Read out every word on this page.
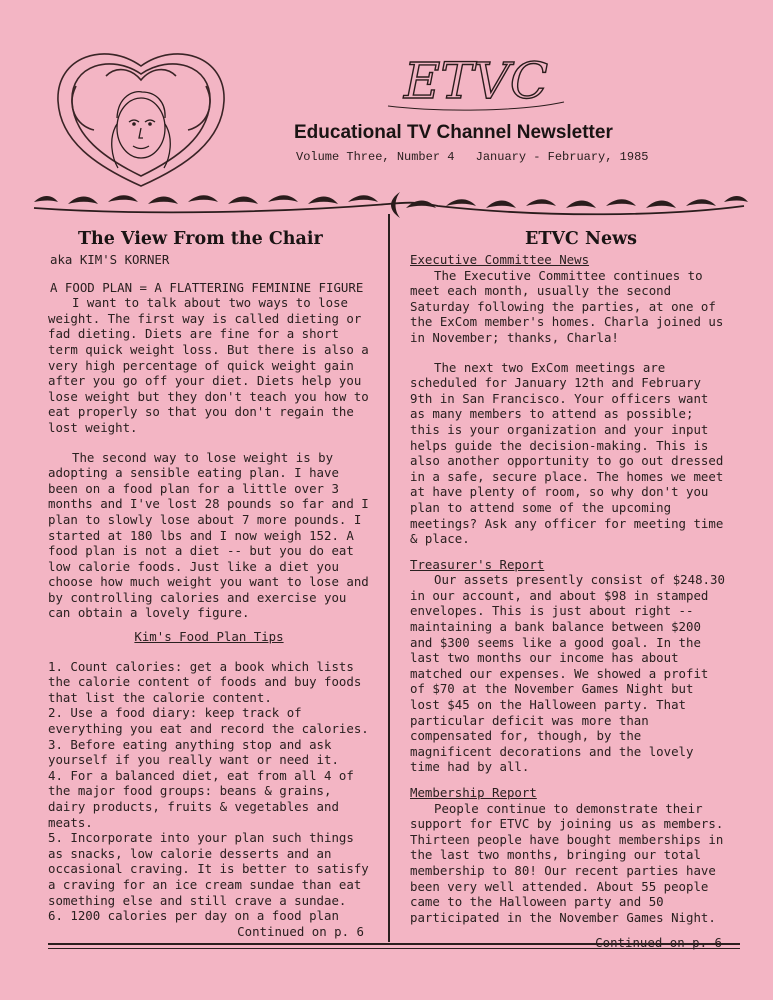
ETVC
Educational TV Channel Newsletter
Volume Three, Number 4 January - February, 1985
The View From the Chair

aka KIM'S KORNER

A FOOD PLAN = A FLATTERING FEMININE FIGURE

I want to talk about two ways to lose weight. The first way is called dieting or fad dieting. Diets are fine for a short term quick weight loss. But there is also a very high percentage of quick weight gain after you go off your diet. Diets help you lose weight but they don't teach you how to eat properly so that you don't regain the lost weight.

The second way to lose weight is by adopting a sensible eating plan. I have been on a food plan for a little over 3 months and I've lost 28 pounds so far and I plan to slowly lose about 7 more pounds. I started at 180 lbs and I now weigh 152. A food plan is not a diet -- but you do eat low calorie foods. Just like a diet you choose how much weight you want to lose and by controlling calories and exercise you can obtain a lovely figure.

Kim's Food Plan Tips

1. Count calories: get a book which lists the calorie content of foods and buy foods that list the calorie content.
2. Use a food diary: keep track of everything you eat and record the calories.
3. Before eating anything stop and ask yourself if you really want or need it.
4. For a balanced diet, eat from all 4 of the major food groups: beans & grains, dairy products, fruits & vegetables and meats.
5. Incorporate into your plan such things as snacks, low calorie desserts and an occasional craving. It is better to satisfy a craving for an ice cream sundae than eat something else and still crave a sundae.
6. 1200 calories per day on a food plan

Continued on p. 6

ETVC News

Executive Committee News

The Executive Committee continues to meet each month, usually the second Saturday following the parties, at one of the ExCom member's homes. Charla joined us in November; thanks, Charla!

The next two ExCom meetings are scheduled for January 12th and February 9th in San Francisco. Your officers want as many members to attend as possible; this is your organization and your input helps guide the decision-making. This is also another opportunity to go out dressed in a safe, secure place. The homes we meet at have plenty of room, so why don't you plan to attend some of the upcoming meetings? Ask any officer for meeting time & place.

Treasurer's Report

Our assets presently consist of $248.30 in our account, and about $98 in stamped envelopes. This is just about right -- maintaining a bank balance between $200 and $300 seems like a good goal. In the last two months our income has about matched our expenses. We showed a profit of $70 at the November Games Night but lost $45 on the Halloween party. That particular deficit was more than compensated for, though, by the magnificent decorations and the lovely time had by all.

Membership Report

People continue to demonstrate their support for ETVC by joining us as members. Thirteen people have bought memberships in the last two months, bringing our total membership to 80! Our recent parties have been very well attended. About 55 people came to the Halloween party and 50 participated in the November Games Night.
